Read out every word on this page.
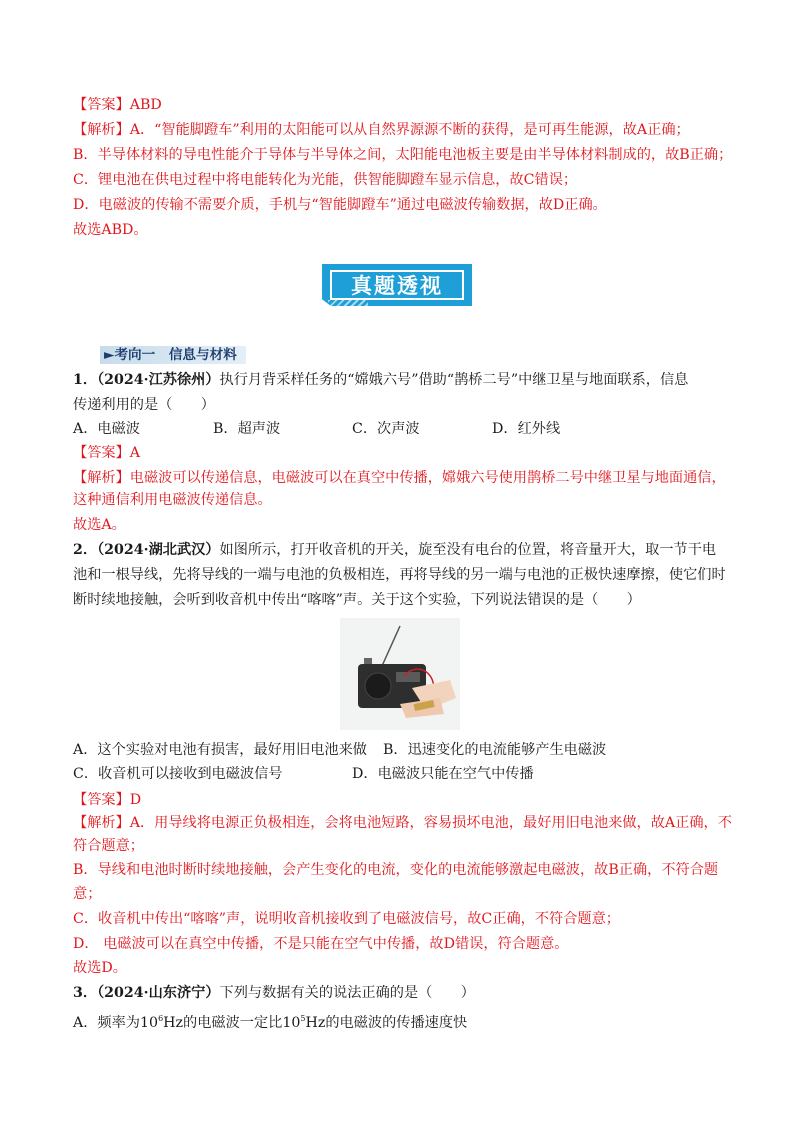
【答案】ABD
【解析】A．“智能脚蹬车”利用的太阳能可以从自然界源源不断的获得，是可再生能源，故A正确；
B．半导体材料的导电性能介于导体与半导体之间，太阳能电池板主要是由半导体材料制成的，故B正确；
C．锂电池在供电过程中将电能转化为光能，供智能脚蹬车显示信息，故C错误；
D．电磁波的传输不需要介质，手机与“智能脚蹬车”通过电磁波传输数据，故D正确。
故选ABD。
真题透视
►考向一　信息与材料
1．（2024·江苏徐州）执行月背采样任务的“嫦娥六号”借助“鹊桥二号”中继卫星与地面联系，信息
传递利用的是（　　）
A．电磁波	B．超声波	C．次声波	D．红外线
【答案】A
【解析】电磁波可以传递信息，电磁波可以在真空中传播，嫦娥六号使用鹊桥二号中继卫星与地面通信，
这种通信利用电磁波传递信息。
故选A。
2．（2024·湖北武汉）如图所示，打开收音机的开关，旋至没有电台的位置，将音量开大，取一节干电
池和一根导线，先将导线的一端与电池的负极相连，再将导线的另一端与电池的正极快速摩擦，使它们时
断时续地接触，会听到收音机中传出“喀喀”声。关于这个实验，下列说法错误的是（　　）
A．这个实验对电池有损害，最好用旧电池来做 B．迅速变化的电流能够产生电磁波
C．收音机可以接收到电磁波信号	D．电磁波只能在空气中传播
【答案】D
【解析】A．用导线将电源正负极相连，会将电池短路，容易损坏电池，最好用旧电池来做，故A正确，不
符合题意；
B．导线和电池时断时续地接触，会产生变化的电流，变化的电流能够激起电磁波，故B正确，不符合题
意；
C．收音机中传出“喀喀”声，说明收音机接收到了电磁波信号，故C正确，不符合题意；
D． 电磁波可以在真空中传播，不是只能在空气中传播，故D错误，符合题意。
故选D。
3．（2024·山东济宁）下列与数据有关的说法正确的是（　　）
A．频率为$10^6Hz$的电磁波一定比$10^5Hz$的电磁波的传播速度快
